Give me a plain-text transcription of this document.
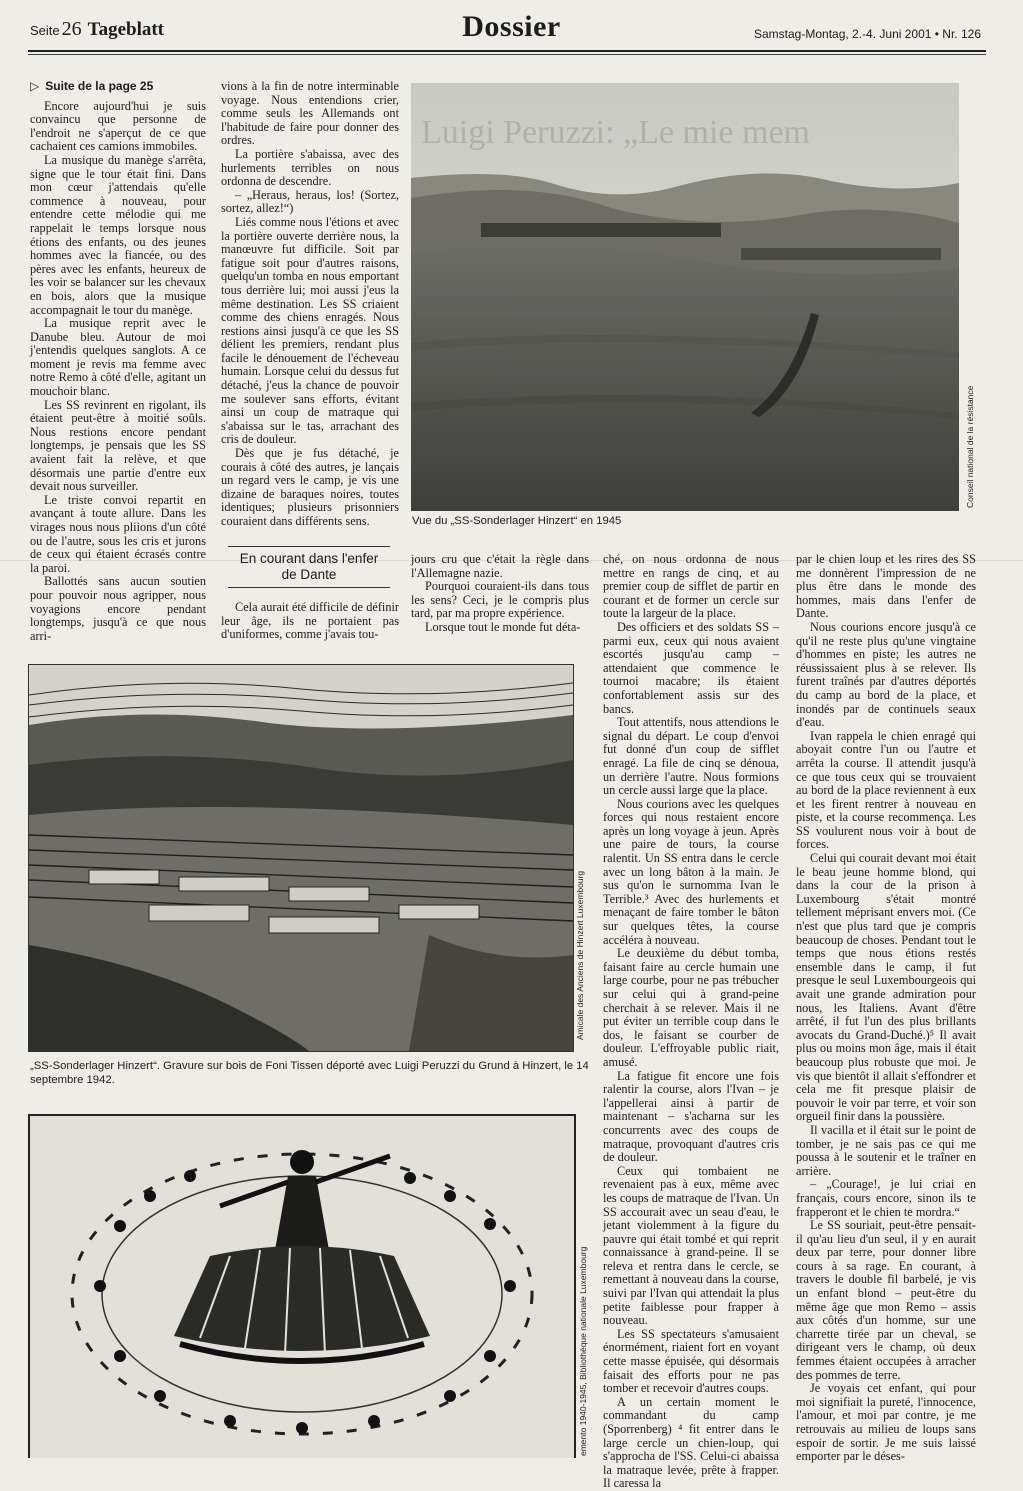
Seite 26 Tageblatt	Dossier	Samstag-Montag, 2.-4. Juni 2001 • Nr. 126
▷ Suite de la page 25

Encore aujourd'hui je suis convaincu que personne de l'endroit ne s'aperçut de ce que cachaient ces camions immobiles.

La musique du manège s'arrêta, signe que le tour était fini. Dans mon cœur j'attendais qu'elle commence à nouveau, pour entendre cette mélodie qui me rappelait le temps lorsque nous étions des enfants, ou des jeunes hommes avec la fiancée, ou des pères avec les enfants, heureux de les voir se balancer sur les chevaux en bois, alors que la musique accompagnait le tour du manège.

La musique reprit avec le Danube bleu. Autour de moi j'entendis quelques sanglots. A ce moment je revis ma femme avec notre Remo à côté d'elle, agitant un mouchoir blanc.

Les SS revinrent en rigolant, ils étaient peut-être à moitié soûls. Nous restions encore pendant longtemps, je pensais que les SS avaient fait la relève, et que désormais une partie d'entre eux devait nous surveiller.

Le triste convoi repartit en avançant à toute allure. Dans les virages nous nous pliions d'un côté ou de l'autre, sous les cris et jurons de ceux qui étaient écrasés contre la paroi.

Ballottés sans aucun soutien pour pouvoir nous agripper, nous voyagions encore pendant longtemps, jusqu'à ce que nous arri-

vions à la fin de notre interminable voyage. Nous entendions crier, comme seuls les Allemands ont l'habitude de faire pour donner des ordres.

La portière s'abaissa, avec des hurlements terribles on nous ordonna de descendre.

– „Heraus, heraus, los! (Sortez, sortez, allez!“)

Liés comme nous l'étions et avec la portière ouverte derrière nous, la manœuvre fut difficile. Soit par fatigue soit pour d'autres raisons, quelqu'un tomba en nous emportant tous derrière lui; moi aussi j'eus la même destination. Les SS criaient comme des chiens enragés. Nous restions ainsi jusqu'à ce que les SS délient les premiers, rendant plus facile le dénouement de l'écheveau humain. Lorsque celui du dessus fut détaché, j'eus la chance de pouvoir me soulever sans efforts, évitant ainsi un coup de matraque qui s'abaissa sur le tas, arrachant des cris de douleur.

Dès que je fus détaché, je courais à côté des autres, je lançais un regard vers le camp, je vis une dizaine de baraques noires, toutes identiques; plusieurs prisonniers couraient dans différents sens.

En courant dans l'enfer
de Dante

Cela aurait été difficile de définir leur âge, ils ne portaient pas d'uniformes, comme j'avais tou-

Luigi Peruzzi: „Le mie mem
Conseil national de la résistance
Vue du „SS-Sonderlager Hinzert“ en 1945

jours cru que c'était la règle dans l'Allemagne nazie.

Pourquoi couraient-ils dans tous les sens? Ceci, je le compris plus tard, par ma propre expérience.

Lorsque tout le monde fut déta-

ché, on nous ordonna de nous mettre en rangs de cinq, et au premier coup de sifflet de partir en courant et de former un cercle sur toute la largeur de la place.

Des officiers et des soldats SS – parmi eux, ceux qui nous avaient escortés jusqu'au camp – attendaient que commence le tournoi macabre; ils étaient confortablement assis sur des bancs.

Tout attentifs, nous attendions le signal du départ. Le coup d'envoi fut donné d'un coup de sifflet enragé. La file de cinq se dénoua, un derrière l'autre. Nous formions un cercle aussi large que la place.

Nous courions avec les quelques forces qui nous restaient encore après un long voyage à jeun. Après une paire de tours, la course ralentit. Un SS entra dans le cercle avec un long bâton à la main. Je sus qu'on le surnomma Ivan le Terrible.³ Avec des hurlements et menaçant de faire tomber le bâton sur quelques têtes, la course accéléra à nouveau.

Le deuxième du début tomba, faisant faire au cercle humain une large courbe, pour ne pas trébucher sur celui qui à grand-peine cherchait à se relever. Mais il ne put éviter un terrible coup dans le dos, le faisant se courber de douleur. L'effroyable public riait, amusé.

La fatigue fit encore une fois ralentir la course, alors l'Ivan – je l'appellerai ainsi à partir de maintenant – s'acharna sur les concurrents avec des coups de matraque, provoquant d'autres cris de douleur.

Ceux qui tombaient ne revenaient pas à eux, même avec les coups de matraque de l'Ivan. Un SS accourait avec un seau d'eau, le jetant violemment à la figure du pauvre qui était tombé et qui reprit connaissance à grand-peine. Il se releva et rentra dans le cercle, se remettant à nouveau dans la course, suivi par l'Ivan qui attendait la plus petite faiblesse pour frapper à nouveau.

Les SS spectateurs s'amusaient énormément, riaient fort en voyant cette masse épuisée, qui désormais faisait des efforts pour ne pas tomber et recevoir d'autres coups.

A un certain moment le commandant du camp (Sporrenberg) ⁴ fit entrer dans le large cercle un chien-loup, qui s'approcha de l'SS. Celui-ci abaissa la matraque levée, prête à frapper. Il caressa la

par le chien loup et les rires des SS me donnèrent l'impression de ne plus être dans le monde des hommes, mais dans l'enfer de Dante.

Nous courions encore jusqu'à ce qu'il ne reste plus qu'une vingtaine d'hommes en piste; les autres ne réussissaient plus à se relever. Ils furent traînés par d'autres déportés du camp au bord de la place, et inondés par de continuels seaux d'eau.

Ivan rappela le chien enragé qui aboyait contre l'un ou l'autre et arrêta la course. Il attendit jusqu'à ce que tous ceux qui se trouvaient au bord de la place reviennent à eux et les firent rentrer à nouveau en piste, et la course recommença. Les SS voulurent nous voir à bout de forces.

Celui qui courait devant moi était le beau jeune homme blond, qui dans la cour de la prison à Luxembourg s'était montré tellement méprisant envers moi. (Ce n'est que plus tard que je compris beaucoup de choses. Pendant tout le temps que nous étions restés ensemble dans le camp, il fut presque le seul Luxembourgeois qui avait une grande admiration pour nous, les Italiens. Avant d'être arrêté, il fut l'un des plus brillants avocats du Grand-Duché.)⁵ Il avait plus ou moins mon âge, mais il était beaucoup plus robuste que moi. Je vis que bientôt il allait s'effondrer et cela me fit presque plaisir de pouvoir le voir par terre, et voir son orgueil finir dans la poussière.

Il vacilla et il était sur le point de tomber, je ne sais pas ce qui me poussa à le soutenir et le traîner en arrière.

– „Courage!, je lui criai en français, cours encore, sinon ils te frapperont et le chien te mordra.“

Le SS souriait, peut-être pensait-il qu'au lieu d'un seul, il y en aurait deux par terre, pour donner libre cours à sa rage. En courant, à travers le double fil barbelé, je vis un enfant blond – peut-être du même âge que mon Remo – assis aux côtés d'un homme, sur une charrette tirée par un cheval, se dirigeant vers le champ, où deux femmes étaient occupées à arracher des pommes de terre.

Je voyais cet enfant, qui pour moi signifiait la pureté, l'innocence, l'amour, et moi par contre, je me retrouvais au milieu de loups sans espoir de sortir. Je me suis laissé emporter par le déses-

Amicale des Anciens de Hinzert Luxembourg
„SS-Sonderlager Hinzert“. Gravure sur bois de Foni Tissen déporté avec Luigi Peruzzi du Grund à Hinzert, le 14 septembre 1942.
emento 1940-1945, Bibliothèque nationale Luxembourg
